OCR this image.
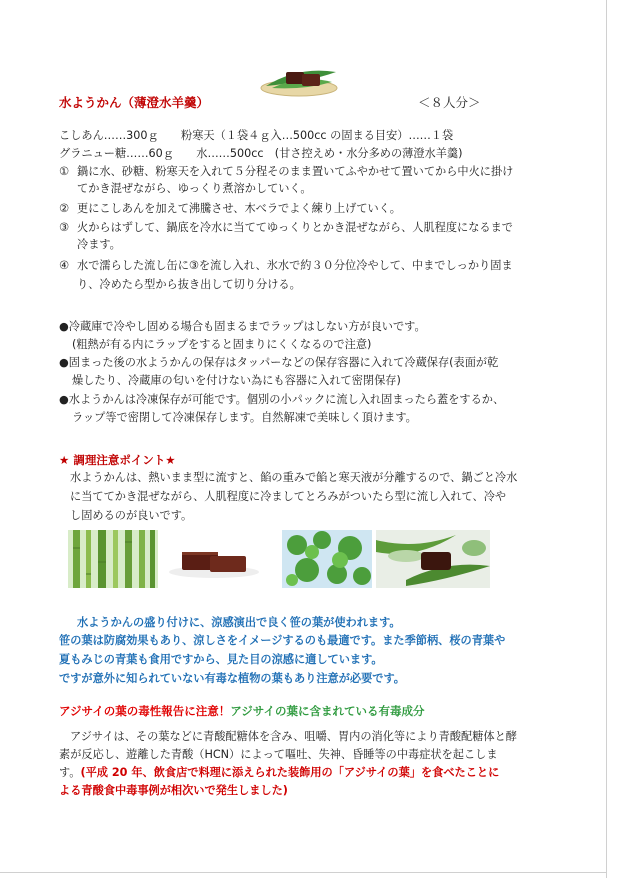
水ようかん（薄澄水羊羹）	＜８人分＞
こしあん……300ｇ　　粉寒天（１袋４ｇ入…500cc の固まる目安）……１袋
グラニュー糖……60ｇ　　水……500cc　(甘さ控えめ・水分多めの薄澄水羊羹)
① 鍋に水、砂糖、粉寒天を入れて５分程そのまま置いてふやかせて置いてから中火に掛け
てかき混ぜながら、ゆっくり煮溶かしていく。
② 更にこしあんを加えて沸騰させ、木べラでよく練り上げていく。
③ 火からはずして、鍋底を冷水に当ててゆっくりとかき混ぜながら、人肌程度になるまで
冷ます。
④ 水で濡らした流し缶に③を流し入れ、氷水で約３０分位冷やして、中までしっかり固ま
り、冷めたら型から抜き出して切り分ける。
●冷蔵庫で冷やし固める場合も固まるまでラップはしない方が良いです。
(粗熱が有る内にラップをすると固まりにくくなるので注意)
●固まった後の水ようかんの保存はタッパーなどの保存容器に入れて冷蔵保存(表面が乾
燥したり、冷蔵庫の匂いを付けない為にも容器に入れて密閉保存)
●水ようかんは冷凍保存が可能です。個別の小パックに流し入れ固まったら蓋をするか、
ラップ等で密閉して冷凍保存します。自然解凍で美味しく頂けます。
★ 調理注意ポイント★
水ようかんは、熱いまま型に流すと、餡の重みで餡と寒天液が分離するので、鍋ごと冷水
に当ててかき混ぜながら、人肌程度に冷ましてとろみがついたら型に流し入れて、冷や
し固めるのが良いです。
水ようかんの盛り付けに、涼感演出で良く笹の葉が使われます。
笹の葉は防腐効果もあり、涼しさをイメージするのも最適です。また季節柄、桜の青葉や
夏もみじの青葉も食用ですから、見た目の涼感に適しています。
ですが意外に知られていない有毒な植物の葉もあり注意が必要です。
アジサイの葉の毒性報告に注意！アジサイの葉に含まれている有毒成分
アジサイは、その葉などに青酸配糖体を含み、咀嚼、胃内の消化等により青酸配糖体と酵
素が反応し、遊離した青酸（HCN）によって嘔吐、失神、昏睡等の中毒症状を起こしま
す。(平成 20 年、飲食店で料理に添えられた装飾用の「アジサイの葉」を食べたことに
よる青酸食中毒事例が相次いで発生しました)
